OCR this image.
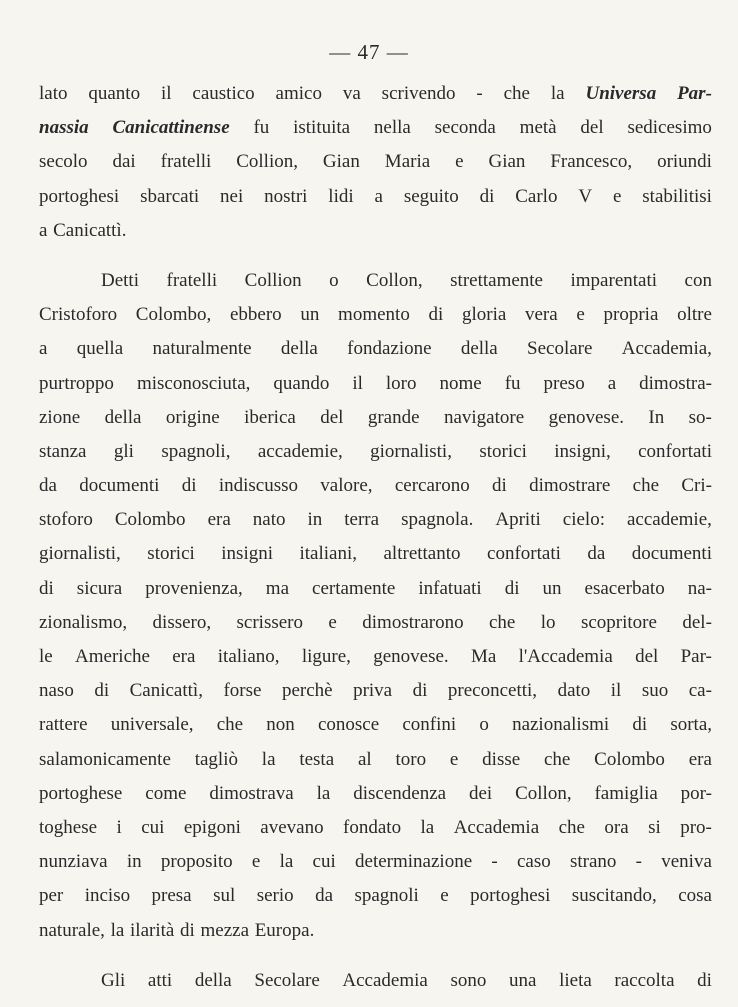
— 47 —
lato quanto il caustico amico va scrivendo - che la Universa Par-
nassia Canicattinense fu istituita nella seconda metà del sedicesimo
secolo dai fratelli Collion, Gian Maria e Gian Francesco, oriundi
portoghesi sbarcati nei nostri lidi a seguito di Carlo V e stabilitisi
a Canicattì.
Detti fratelli Collion o Collon, strettamente imparentati con
Cristoforo Colombo, ebbero un momento di gloria vera e propria oltre
a quella naturalmente della fondazione della Secolare Accademia,
purtroppo misconosciuta, quando il loro nome fu preso a dimostra-
zione della origine iberica del grande navigatore genovese. In so-
stanza gli spagnoli, accademie, giornalisti, storici insigni, confortati
da documenti di indiscusso valore, cercarono di dimostrare che Cri-
stoforo Colombo era nato in terra spagnola. Apriti cielo: accademie,
giornalisti, storici insigni italiani, altrettanto confortati da documenti
di sicura provenienza, ma certamente infatuati di un esacerbato na-
zionalismo, dissero, scrissero e dimostrarono che lo scopritore del-
le Americhe era italiano, ligure, genovese. Ma l'Accademia del Par-
naso di Canicattì, forse perchè priva di preconcetti, dato il suo ca-
rattere universale, che non conosce confini o nazionalismi di sorta,
salamonicamente tagliò la testa al toro e disse che Colombo era
portoghese come dimostrava la discendenza dei Collon, famiglia por-
toghese i cui epigoni avevano fondato la Accademia che ora si pro-
nunziava in proposito e la cui determinazione - caso strano - veniva
per inciso presa sul serio da spagnoli e portoghesi suscitando, cosa
naturale, la ilarità di mezza Europa.
Gli atti della Secolare Accademia sono una lieta raccolta di
